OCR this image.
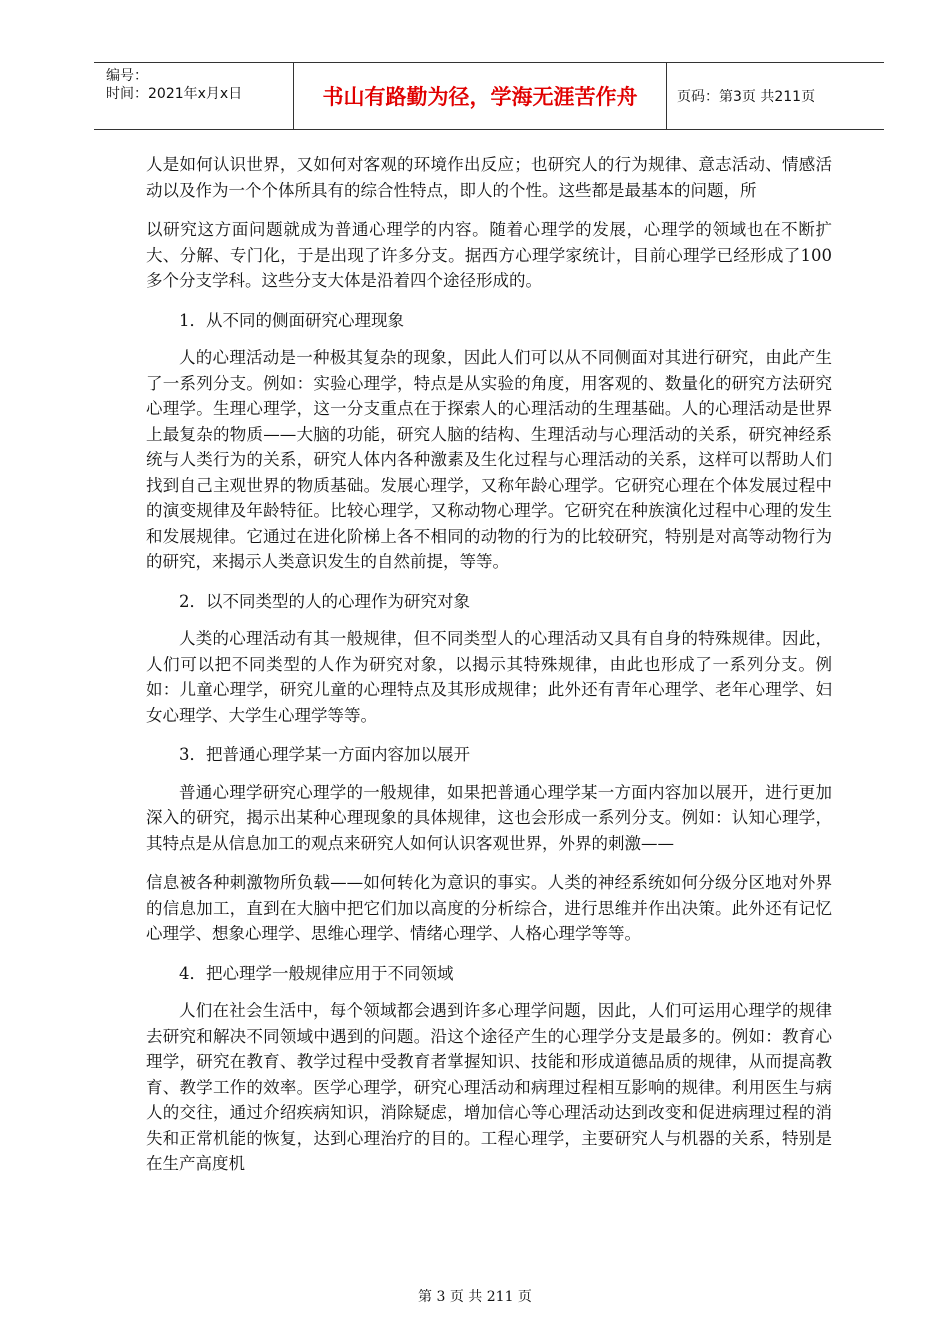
编号：
时间：2021年x月x日	书山有路勤为径，学海无涯苦作舟	页码：第3页 共211页

人是如何认识世界，又如何对客观的环境作出反应；也研究人的行为规律、意志活动、情感活动以及作为一个个体所具有的综合性特点，即人的个性。这些都是最基本的问题，所

以研究这方面问题就成为普通心理学的内容。随着心理学的发展，心理学的领域也在不断扩大、分解、专门化，于是出现了许多分支。据西方心理学家统计，目前心理学已经形成了100多个分支学科。这些分支大体是沿着四个途径形成的。

1．从不同的侧面研究心理现象

人的心理活动是一种极其复杂的现象，因此人们可以从不同侧面对其进行研究，由此产生了一系列分支。例如：实验心理学，特点是从实验的角度，用客观的、数量化的研究方法研究心理学。生理心理学，这一分支重点在于探索人的心理活动的生理基础。人的心理活动是世界上最复杂的物质——大脑的功能，研究人脑的结构、生理活动与心理活动的关系，研究神经系统与人类行为的关系，研究人体内各种激素及生化过程与心理活动的关系，这样可以帮助人们找到自己主观世界的物质基础。发展心理学，又称年龄心理学。它研究心理在个体发展过程中的演变规律及年龄特征。比较心理学，又称动物心理学。它研究在种族演化过程中心理的发生和发展规律。它通过在进化阶梯上各不相同的动物的行为的比较研究，特别是对高等动物行为的研究，来揭示人类意识发生的自然前提，等等。

2．以不同类型的人的心理作为研究对象

人类的心理活动有其一般规律，但不同类型人的心理活动又具有自身的特殊规律。因此，人们可以把不同类型的人作为研究对象，以揭示其特殊规律，由此也形成了一系列分支。例如：儿童心理学，研究儿童的心理特点及其形成规律；此外还有青年心理学、老年心理学、妇女心理学、大学生心理学等等。

3．把普通心理学某一方面内容加以展开

普通心理学研究心理学的一般规律，如果把普通心理学某一方面内容加以展开，进行更加深入的研究，揭示出某种心理现象的具体规律，这也会形成一系列分支。例如：认知心理学，其特点是从信息加工的观点来研究人如何认识客观世界，外界的刺激——

信息被各种刺激物所负载——如何转化为意识的事实。人类的神经系统如何分级分区地对外界的信息加工，直到在大脑中把它们加以高度的分析综合，进行思维并作出决策。此外还有记忆心理学、想象心理学、思维心理学、情绪心理学、人格心理学等等。

4．把心理学一般规律应用于不同领域

人们在社会生活中，每个领域都会遇到许多心理学问题，因此，人们可运用心理学的规律去研究和解决不同领域中遇到的问题。沿这个途径产生的心理学分支是最多的。例如：教育心理学，研究在教育、教学过程中受教育者掌握知识、技能和形成道德品质的规律，从而提高教育、教学工作的效率。医学心理学，研究心理活动和病理过程相互影响的规律。利用医生与病人的交往，通过介绍疾病知识，消除疑虑，增加信心等心理活动达到改变和促进病理过程的消失和正常机能的恢复，达到心理治疗的目的。工程心理学，主要研究人与机器的关系，特别是在生产高度机

第 3 页 共 211 页
